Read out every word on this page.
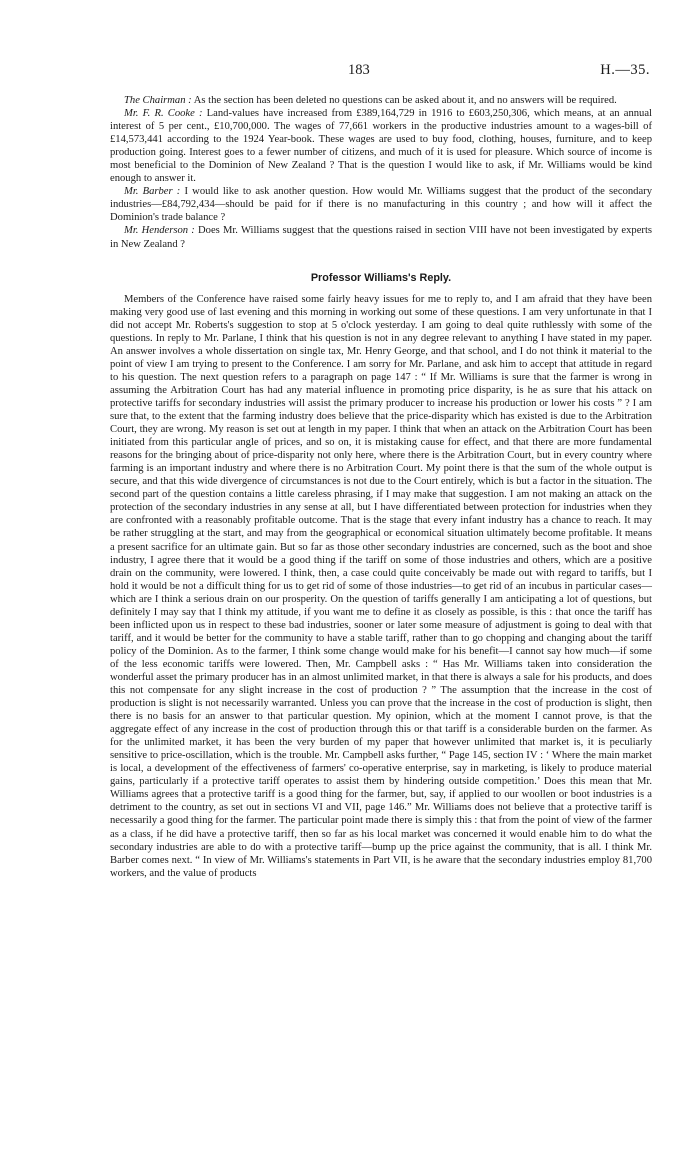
183	H.—35.

The Chairman : As the section has been deleted no questions can be asked about it, and no answers will be required.

Mr. F. R. Cooke : Land-values have increased from £389,164,729 in 1916 to £603,250,306, which means, at an annual interest of 5 per cent., £10,700,000. The wages of 77,661 workers in the productive industries amount to a wages-bill of £14,573,441 according to the 1924 Year-book. These wages are used to buy food, clothing, houses, furniture, and to keep production going. Interest goes to a fewer number of citizens, and much of it is used for pleasure. Which source of income is most beneficial to the Dominion of New Zealand ? That is the question I would like to ask, if Mr. Williams would be kind enough to answer it.

Mr. Barber : I would like to ask another question. How would Mr. Williams suggest that the product of the secondary industries—£84,792,434—should be paid for if there is no manufacturing in this country ; and how will it affect the Dominion's trade balance ?

Mr. Henderson : Does Mr. Williams suggest that the questions raised in section VIII have not been investigated by experts in New Zealand ?

Professor Williams's Reply.

Members of the Conference have raised some fairly heavy issues for me to reply to, and I am afraid that they have been making very good use of last evening and this morning in working out some of these questions. I am very unfortunate in that I did not accept Mr. Roberts's suggestion to stop at 5 o'clock yesterday. I am going to deal quite ruthlessly with some of the questions. In reply to Mr. Parlane, I think that his question is not in any degree relevant to anything I have stated in my paper. An answer involves a whole dissertation on single tax, Mr. Henry George, and that school, and I do not think it material to the point of view I am trying to present to the Conference. I am sorry for Mr. Parlane, and ask him to accept that attitude in regard to his question. The next question refers to a paragraph on page 147 : “ If Mr. Williams is sure that the farmer is wrong in assuming the Arbitration Court has had any material influence in promoting price disparity, is he as sure that his attack on protective tariffs for secondary industries will assist the primary producer to increase his production or lower his costs ” ? I am sure that, to the extent that the farming industry does believe that the price-disparity which has existed is due to the Arbitration Court, they are wrong. My reason is set out at length in my paper. I think that when an attack on the Arbitration Court has been initiated from this particular angle of prices, and so on, it is mistaking cause for effect, and that there are more fundamental reasons for the bringing about of price-disparity not only here, where there is the Arbitration Court, but in every country where farming is an important industry and where there is no Arbitration Court. My point there is that the sum of the whole output is secure, and that this wide divergence of circumstances is not due to the Court entirely, which is but a factor in the situation. The second part of the question contains a little careless phrasing, if I may make that suggestion. I am not making an attack on the protection of the secondary industries in any sense at all, but I have differentiated between protection for industries when they are confronted with a reasonably profitable outcome. That is the stage that every infant industry has a chance to reach. It may be rather struggling at the start, and may from the geographical or economical situation ultimately become profitable. It means a present sacrifice for an ultimate gain. But so far as those other secondary industries are concerned, such as the boot and shoe industry, I agree there that it would be a good thing if the tariff on some of those industries and others, which are a positive drain on the community, were lowered. I think, then, a case could quite conceivably be made out with regard to tariffs, but I hold it would be not a difficult thing for us to get rid of some of those industries—to get rid of an incubus in particular cases—which are I think a serious drain on our prosperity. On the question of tariffs generally I am anticipating a lot of questions, but definitely I may say that I think my attitude, if you want me to define it as closely as possible, is this : that once the tariff has been inflicted upon us in respect to these bad industries, sooner or later some measure of adjustment is going to deal with that tariff, and it would be better for the community to have a stable tariff, rather than to go chopping and changing about the tariff policy of the Dominion. As to the farmer, I think some change would make for his benefit—I cannot say how much—if some of the less economic tariffs were lowered. Then, Mr. Campbell asks : “ Has Mr. Williams taken into consideration the wonderful asset the primary producer has in an almost unlimited market, in that there is always a sale for his products, and does this not compensate for any slight increase in the cost of production ? ” The assumption that the increase in the cost of production is slight is not necessarily warranted. Unless you can prove that the increase in the cost of production is slight, then there is no basis for an answer to that particular question. My opinion, which at the moment I cannot prove, is that the aggregate effect of any increase in the cost of production through this or that tariff is a considerable burden on the farmer. As for the unlimited market, it has been the very burden of my paper that however unlimited that market is, it is peculiarly sensitive to price-oscillation, which is the trouble. Mr. Campbell asks further, “ Page 145, section IV : ‘ Where the main market is local, a development of the effectiveness of farmers' co-operative enterprise, say in marketing, is likely to produce material gains, particularly if a protective tariff operates to assist them by hindering outside competition.’ Does this mean that Mr. Williams agrees that a protective tariff is a good thing for the farmer, but, say, if applied to our woollen or boot industries is a detriment to the country, as set out in sections VI and VII, page 146.” Mr. Williams does not believe that a protective tariff is necessarily a good thing for the farmer. The particular point made there is simply this : that from the point of view of the farmer as a class, if he did have a protective tariff, then so far as his local market was concerned it would enable him to do what the secondary industries are able to do with a protective tariff—bump up the price against the community, that is all. I think Mr. Barber comes next. “ In view of Mr. Williams's statements in Part VII, is he aware that the secondary industries employ 81,700 workers, and the value of products
